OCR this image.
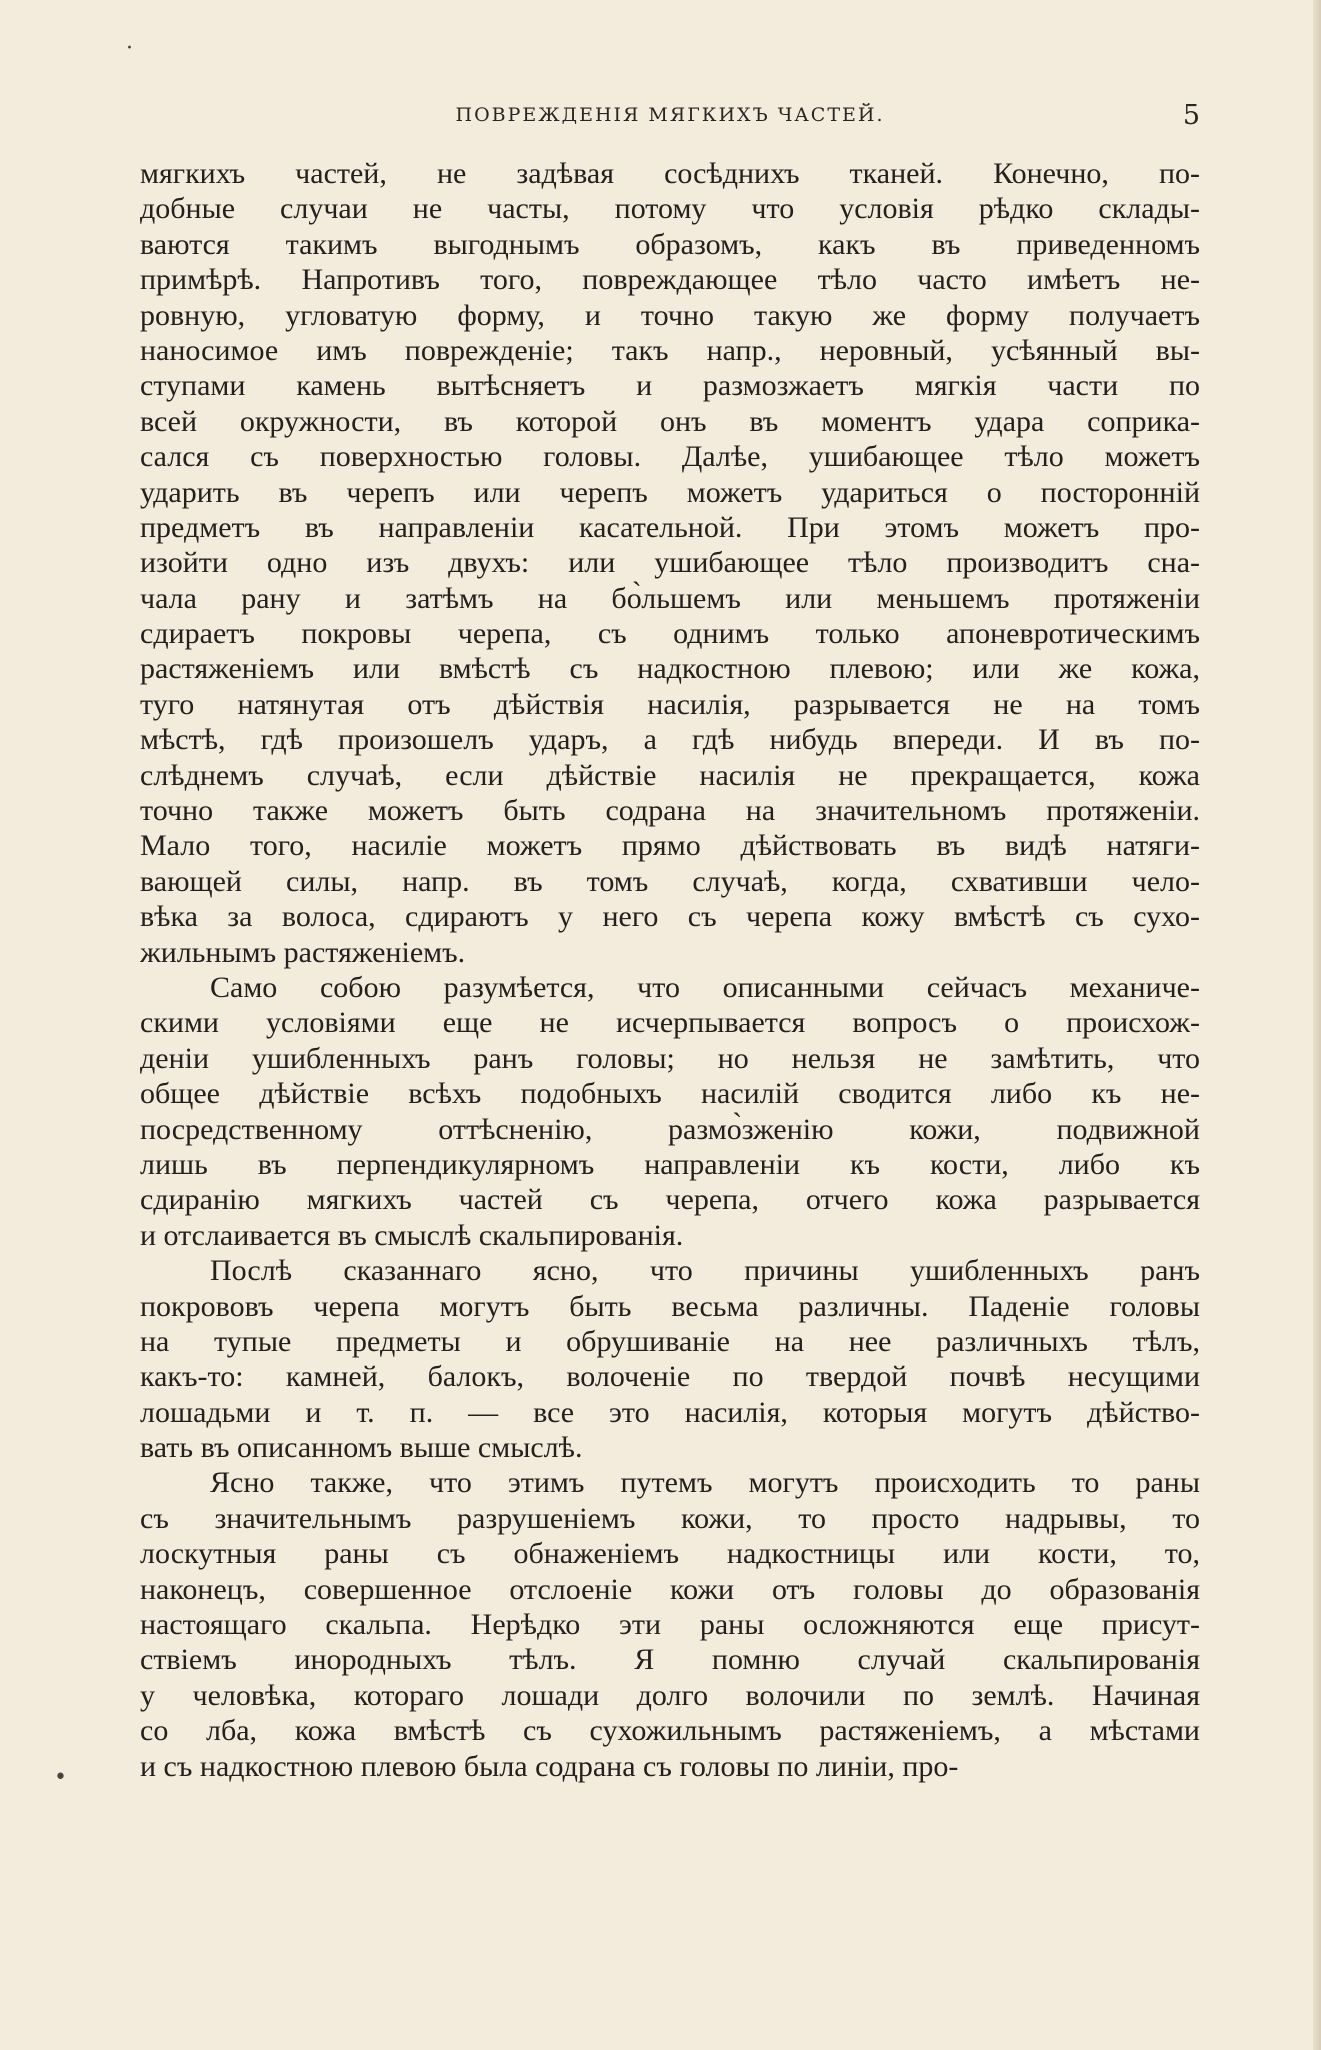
·
•
ПОВРЕЖДЕНІЯ МЯГКИХЪ ЧАСТЕЙ.	5
мягкихъ частей, не задѣвая сосѣднихъ тканей. Конечно, по-
добные случаи не часты, потому что условія рѣдко склады-
ваются такимъ выгоднымъ образомъ, какъ въ приведенномъ
примѣрѣ. Напротивъ того, повреждающее тѣло часто имѣетъ не-
ровную, угловатую форму, и точно такую же форму получаетъ
наносимое имъ поврежденіе; такъ напр., неровный, усѣянный вы-
ступами камень вытѣсняетъ и размозжаетъ мягкія части по
всей окружности, въ которой онъ въ моментъ удара соприка-
сался съ поверхностью головы. Далѣе, ушибающее тѣло можетъ
ударить въ черепъ или черепъ можетъ удариться о посторонній
предметъ въ направленіи касательной. При этомъ можетъ про-
изойти одно изъ двухъ: или ушибающее тѣло производитъ сна-
чала рану и затѣмъ на бо̀льшемъ или меньшемъ протяженіи
сдираетъ покровы черепа, съ однимъ только апоневротическимъ
растяженіемъ или вмѣстѣ съ надкостною плевою; или же кожа,
туго натянутая отъ дѣйствія насилія, разрывается не на томъ
мѣстѣ, гдѣ произошелъ ударъ, а гдѣ нибудь впереди. И въ по-
слѣднемъ случаѣ, если дѣйствіе насилія не прекращается, кожа
точно также можетъ быть содрана на значительномъ протяженіи.
Мало того, насиліе можетъ прямо дѣйствовать въ видѣ натяги-
вающей силы, напр. въ томъ случаѣ, когда, схвативши чело-
вѣка за волоса, сдираютъ у него съ черепа кожу вмѣстѣ съ сухо-
жильнымъ растяженіемъ.
Само собою разумѣется, что описанными сейчасъ механиче-
скими условіями еще не исчерпывается вопросъ о происхож-
деніи ушибленныхъ ранъ головы; но нельзя не замѣтить, что
общее дѣйствіе всѣхъ подобныхъ насилій сводится либо къ не-
посредственному оттѣсненію, размо̀зженію кожи, подвижной
лишь въ перпендикулярномъ направленіи къ кости, либо къ
сдиранію мягкихъ частей съ черепа, отчего кожа разрывается
и отслаивается въ смыслѣ скальпированія.
Послѣ сказаннаго ясно, что причины ушибленныхъ ранъ
покрововъ черепа могутъ быть весьма различны. Паденіе головы
на тупые предметы и обрушиваніе на нее различныхъ тѣлъ,
какъ-то: камней, балокъ, волоченіе по твердой почвѣ несущими
лошадьми и т. п. — все это насилія, которыя могутъ дѣйство-
вать въ описанномъ выше смыслѣ.
Ясно также, что этимъ путемъ могутъ происходить то раны
съ значительнымъ разрушеніемъ кожи, то просто надрывы, то
лоскутныя раны съ обнаженіемъ надкостницы или кости, то,
наконецъ, совершенное отслоеніе кожи отъ головы до образованія
настоящаго скальпа. Нерѣдко эти раны осложняются еще присут-
ствіемъ инородныхъ тѣлъ. Я помню случай скальпированія
у человѣка, котораго лошади долго волочили по землѣ. Начиная
со лба, кожа вмѣстѣ съ сухожильнымъ растяженіемъ, а мѣстами
и съ надкостною плевою была содрана съ головы по линіи, про-
